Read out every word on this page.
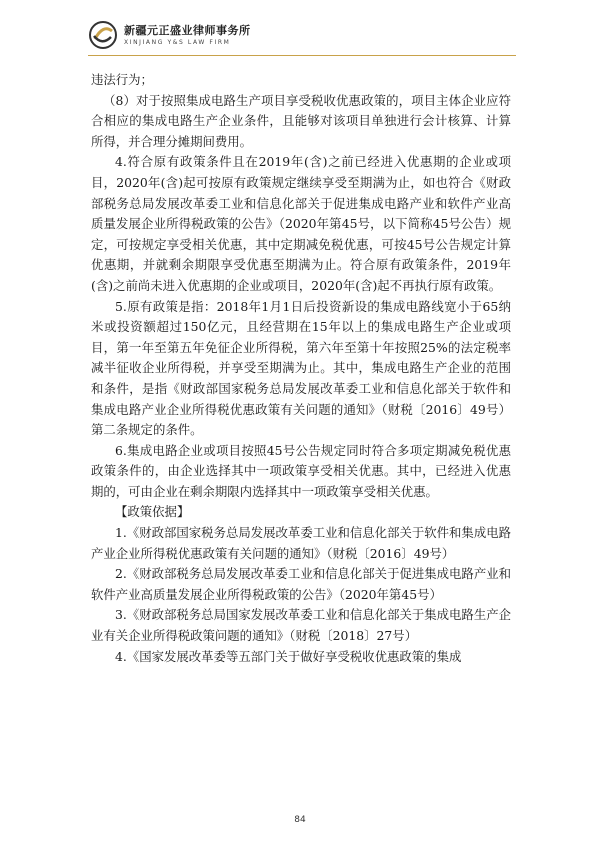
新疆元正盛业律师事务所
XINJIANG Y&S LAW FIRM

违法行为；

（8）对于按照集成电路生产项目享受税收优惠政策的，项目主体企业应符合相应的集成电路生产企业条件，且能够对该项目单独进行会计核算、计算所得，并合理分摊期间费用。

4.符合原有政策条件且在2019年(含)之前已经进入优惠期的企业或项目，2020年(含)起可按原有政策规定继续享受至期满为止，如也符合《财政部税务总局发展改革委工业和信息化部关于促进集成电路产业和软件产业高质量发展企业所得税政策的公告》（2020年第45号，以下简称45号公告）规定，可按规定享受相关优惠，其中定期减免税优惠，可按45号公告规定计算优惠期，并就剩余期限享受优惠至期满为止。符合原有政策条件，2019年(含)之前尚未进入优惠期的企业或项目，2020年(含)起不再执行原有政策。

5.原有政策是指：2018年1月1日后投资新设的集成电路线宽小于65纳米或投资额超过150亿元，且经营期在15年以上的集成电路生产企业或项目，第一年至第五年免征企业所得税，第六年至第十年按照25%的法定税率减半征收企业所得税，并享受至期满为止。其中，集成电路生产企业的范围和条件，是指《财政部国家税务总局发展改革委工业和信息化部关于软件和集成电路产业企业所得税优惠政策有关问题的通知》（财税〔2016〕49号）第二条规定的条件。

6.集成电路企业或项目按照45号公告规定同时符合多项定期减免税优惠政策条件的，由企业选择其中一项政策享受相关优惠。其中，已经进入优惠期的，可由企业在剩余期限内选择其中一项政策享受相关优惠。

【政策依据】

1.《财政部国家税务总局发展改革委工业和信息化部关于软件和集成电路产业企业所得税优惠政策有关问题的通知》（财税〔2016〕49号）

2.《财政部税务总局发展改革委工业和信息化部关于促进集成电路产业和软件产业高质量发展企业所得税政策的公告》（2020年第45号）

3.《财政部税务总局国家发展改革委工业和信息化部关于集成电路生产企业有关企业所得税政策问题的通知》（财税〔2018〕27号）

4.《国家发展改革委等五部门关于做好享受税收优惠政策的集成

84
